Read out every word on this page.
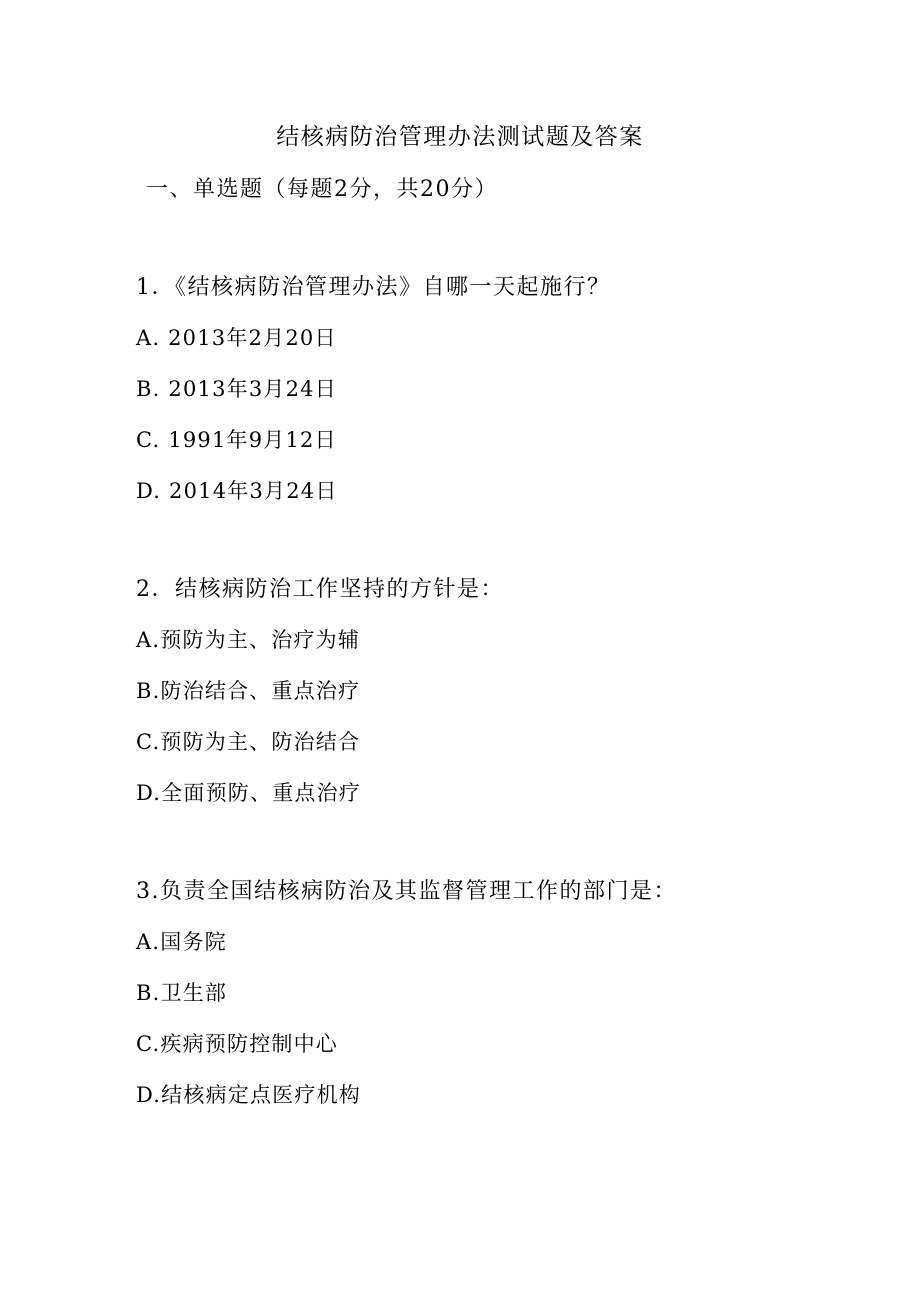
结核病防治管理办法测试题及答案
一、单选题（每题2分，共20分）
1．《结核病防治管理办法》自哪一天起施行？
A. 2013年2月20日
B. 2013年3月24日
C. 1991年9月12日
D. 2014年3月24日
2．结核病防治工作坚持的方针是：
A.预防为主、治疗为辅
B.防治结合、重点治疗
C.预防为主、防治结合
D.全面预防、重点治疗
3.负责全国结核病防治及其监督管理工作的部门是：
A.国务院
B.卫生部
C.疾病预防控制中心
D.结核病定点医疗机构
